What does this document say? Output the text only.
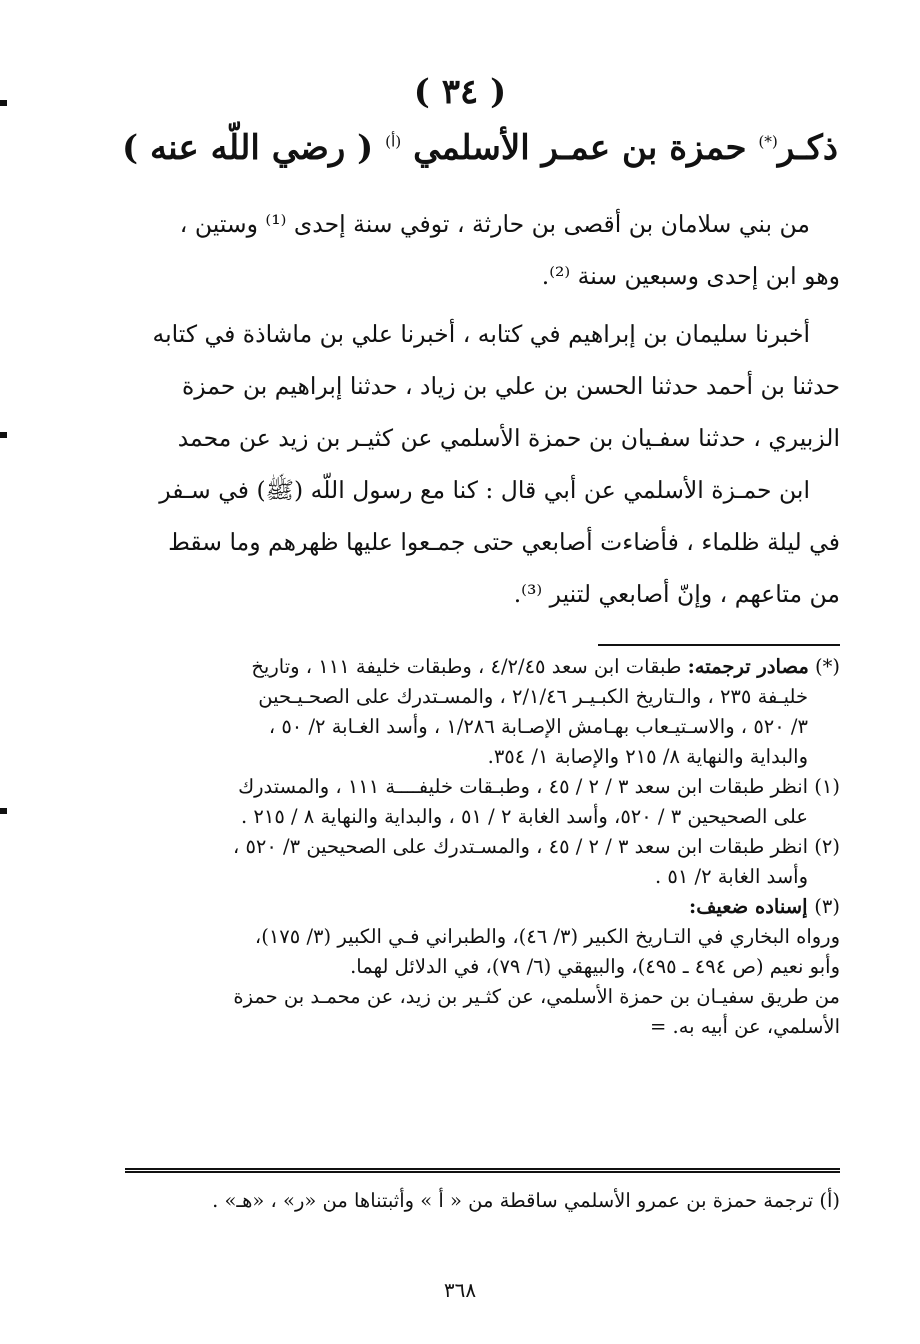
( ٣٤ )
ذكـر(*) حمزة بن عمـر الأسلمي $^{(أ)}$ ( رضي اللّه عنه )

من بني سلامان بن أقصى بن حارثة ، توفي سنة إحدى ⁽¹⁾ وستين ،

وهو ابن إحدى وسبعين سنة ⁽²⁾.

أخبرنا سليمان بن إبراهيم في كتابه ، أخبرنا علي بن ماشاذة في كتابه

حدثنا بن أحمد حدثنا الحسن بن علي بن زياد ، حدثنا إبراهيم بن حمزة

الزبيري ، حدثنا سفـيان بن حمزة الأسلمي عن كثيـر بن زيد عن محمد

ابن حمـزة الأسلمي عن أبي قال : كنا مع رسول اللّه (ﷺ) في سـفر

في ليلة ظلماء ، فأضاءت أصابعي حتى جمـعوا عليها ظهرهم وما سقط

من متاعهم ، وإنّ أصابعي لتنير ⁽³⁾.

(*) مصادر ترجمته: طبقات ابن سعد ٤/٢/٤٥ ، وطبقات خليفة ١١١ ، وتاريخ

خليـفة ٢٣٥ ، والـتاريخ الكبـيـر ٢/١/٤٦ ، والمسـتدرك على الصحـيـحين

٣/ ٥٢٠ ، والاسـتيـعاب بهـامش الإصـابة ١/٢٨٦ ، وأسد الغـابة ٢/ ٥٠ ،

والبداية والنهاية ٨/ ٢١٥ والإصابة ١/ ٣٥٤.

(١) انظر طبقات ابن سعد ٣ / ٢ / ٤٥ ، وطبـقات خليفــــة ١١١ ، والمستدرك

على الصحيحين ٣ / ٥٢٠، وأسد الغابة ٢ / ٥١ ، والبداية والنهاية ٨ / ٢١٥ .

(٢) انظر طبقات ابن سعد ٣ / ٢ / ٤٥ ، والمسـتدرك على الصحيحين ٣/ ٥٢٠ ،

وأسد الغابة ٢/ ٥١ .

(٣) إسناده ضعيف:

ورواه البخاري في التـاريخ الكبير (٣/ ٤٦)، والطبراني فـي الكبير (٣/ ١٧٥)،

وأبو نعيم (ص ٤٩٤ ـ ٤٩٥)، والبيهقي (٦/ ٧٩)، في الدلائل لهما.

من طريق سفيـان بن حمزة الأسلمي، عن كثـير بن زيد، عن محمـد بن حمزة

الأسلمي، عن أبيه به. =

(أ) ترجمة حمزة بن عمرو الأسلمي ساقطة من « أ » وأثبتناها من «ر» ، «هـ» .
٣٦٨
